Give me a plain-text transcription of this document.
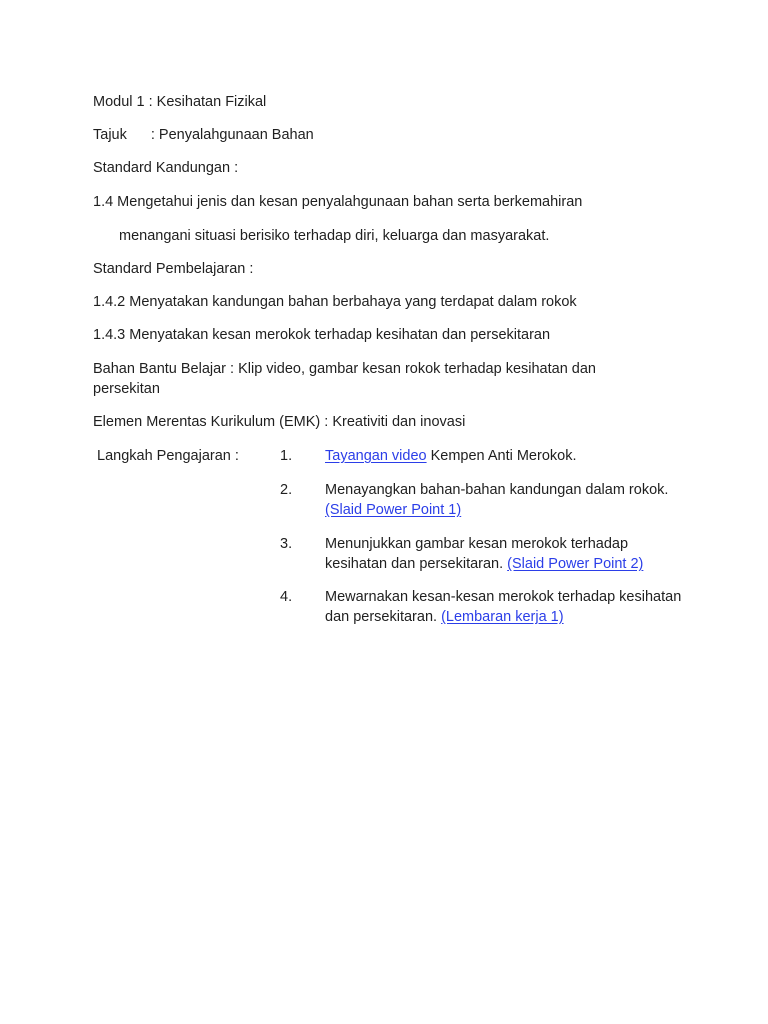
Modul 1 : Kesihatan Fizikal
Tajuk : Penyalahgunaan Bahan
Standard Kandungan :
1.4 Mengetahui jenis dan kesan penyalahgunaan bahan serta berkemahiran
menangani situasi berisiko terhadap diri, keluarga dan masyarakat.
Standard Pembelajaran :
1.4.2 Menyatakan kandungan bahan berbahaya yang terdapat dalam rokok
1.4.3 Menyatakan kesan merokok terhadap kesihatan dan persekitaran
Bahan Bantu Belajar : Klip video, gambar kesan rokok terhadap kesihatan dan persekitan
Elemen Merentas Kurikulum (EMK) : Kreativiti dan inovasi
Langkah Pengajaran :	1. Tayangan video Kempen Anti Merokok.
2. Menayangkan bahan-bahan kandungan dalam rokok. (Slaid Power Point 1)
3. Menunjukkan gambar kesan merokok terhadap kesihatan dan persekitaran. (Slaid Power Point 2)
4. Mewarnakan kesan-kesan merokok terhadap kesihatan dan persekitaran. (Lembaran kerja 1)
